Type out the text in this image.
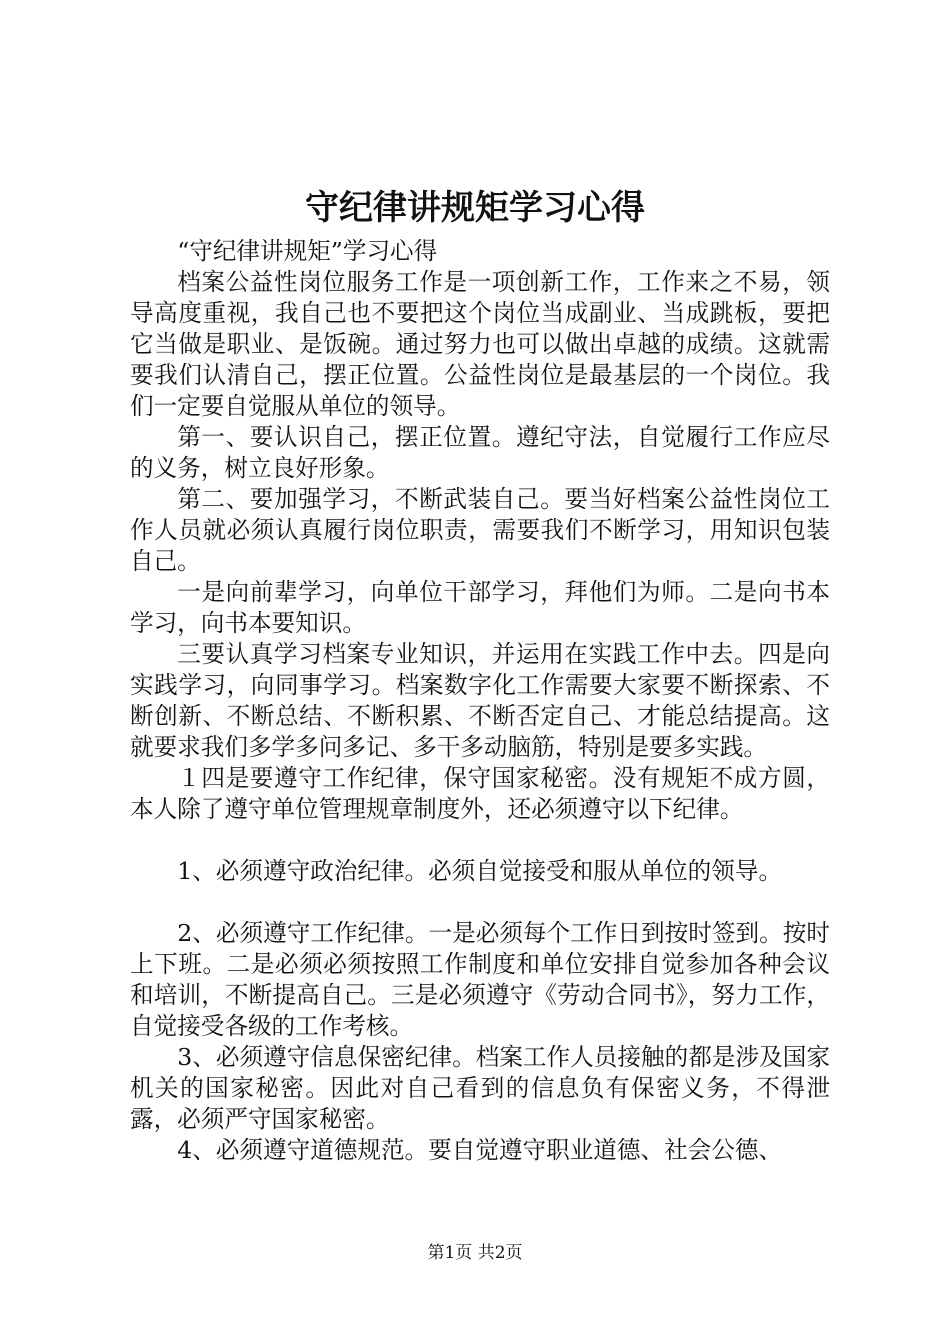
守纪律讲规矩学习心得

“守纪律讲规矩”学习心得

档案公益性岗位服务工作是一项创新工作，工作来之不易，领导高度重视，我自己也不要把这个岗位当成副业、当成跳板，要把它当做是职业、是饭碗。通过努力也可以做出卓越的成绩。这就需要我们认清自己，摆正位置。公益性岗位是最基层的一个岗位。我们一定要自觉服从单位的领导。

第一、要认识自己，摆正位置。遵纪守法，自觉履行工作应尽的义务，树立良好形象。

第二、要加强学习，不断武装自己。要当好档案公益性岗位工作人员就必须认真履行岗位职责，需要我们不断学习，用知识包装自己。

一是向前辈学习，向单位干部学习，拜他们为师。二是向书本学习，向书本要知识。

三要认真学习档案专业知识，并运用在实践工作中去。四是向实践学习，向同事学习。档案数字化工作需要大家要不断探索、不断创新、不断总结、不断积累、不断否定自己、才能总结提高。这就要求我们多学多问多记、多干多动脑筋，特别是要多实践。

１四是要遵守工作纪律，保守国家秘密。没有规矩不成方圆，本人除了遵守单位管理规章制度外，还必须遵守以下纪律。

1、必须遵守政治纪律。必须自觉接受和服从单位的领导。

2、必须遵守工作纪律。一是必须每个工作日到按时签到。按时上下班。二是必须必须按照工作制度和单位安排自觉参加各种会议和培训，不断提高自己。三是必须遵守《劳动合同书》，努力工作，自觉接受各级的工作考核。

3、必须遵守信息保密纪律。档案工作人员接触的都是涉及国家机关的国家秘密。因此对自己看到的信息负有保密义务，不得泄露，必须严守国家秘密。

4、必须遵守道德规范。要自觉遵守职业道德、社会公德、

第1页 共2页
